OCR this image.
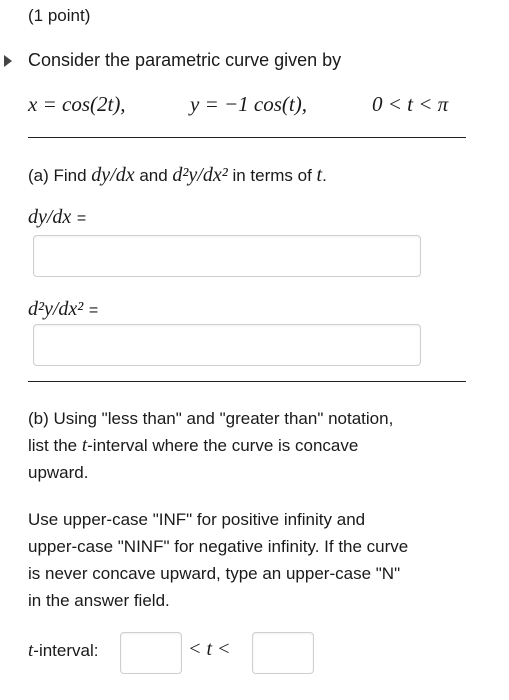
(1 point)
Consider the parametric curve given by
x = cos(2t),	y = −1 cos(t),	0 < t < π
(a) Find dy/dx and d²y/dx² in terms of t.
dy/dx =
d²y/dx² =
(b) Using "less than" and "greater than" notation,
list the t-interval where the curve is concave
upward.
Use upper-case "INF" for positive infinity and
upper-case "NINF" for negative infinity. If the curve
is never concave upward, type an upper-case "N"
in the answer field.
t-interval:	< t <
